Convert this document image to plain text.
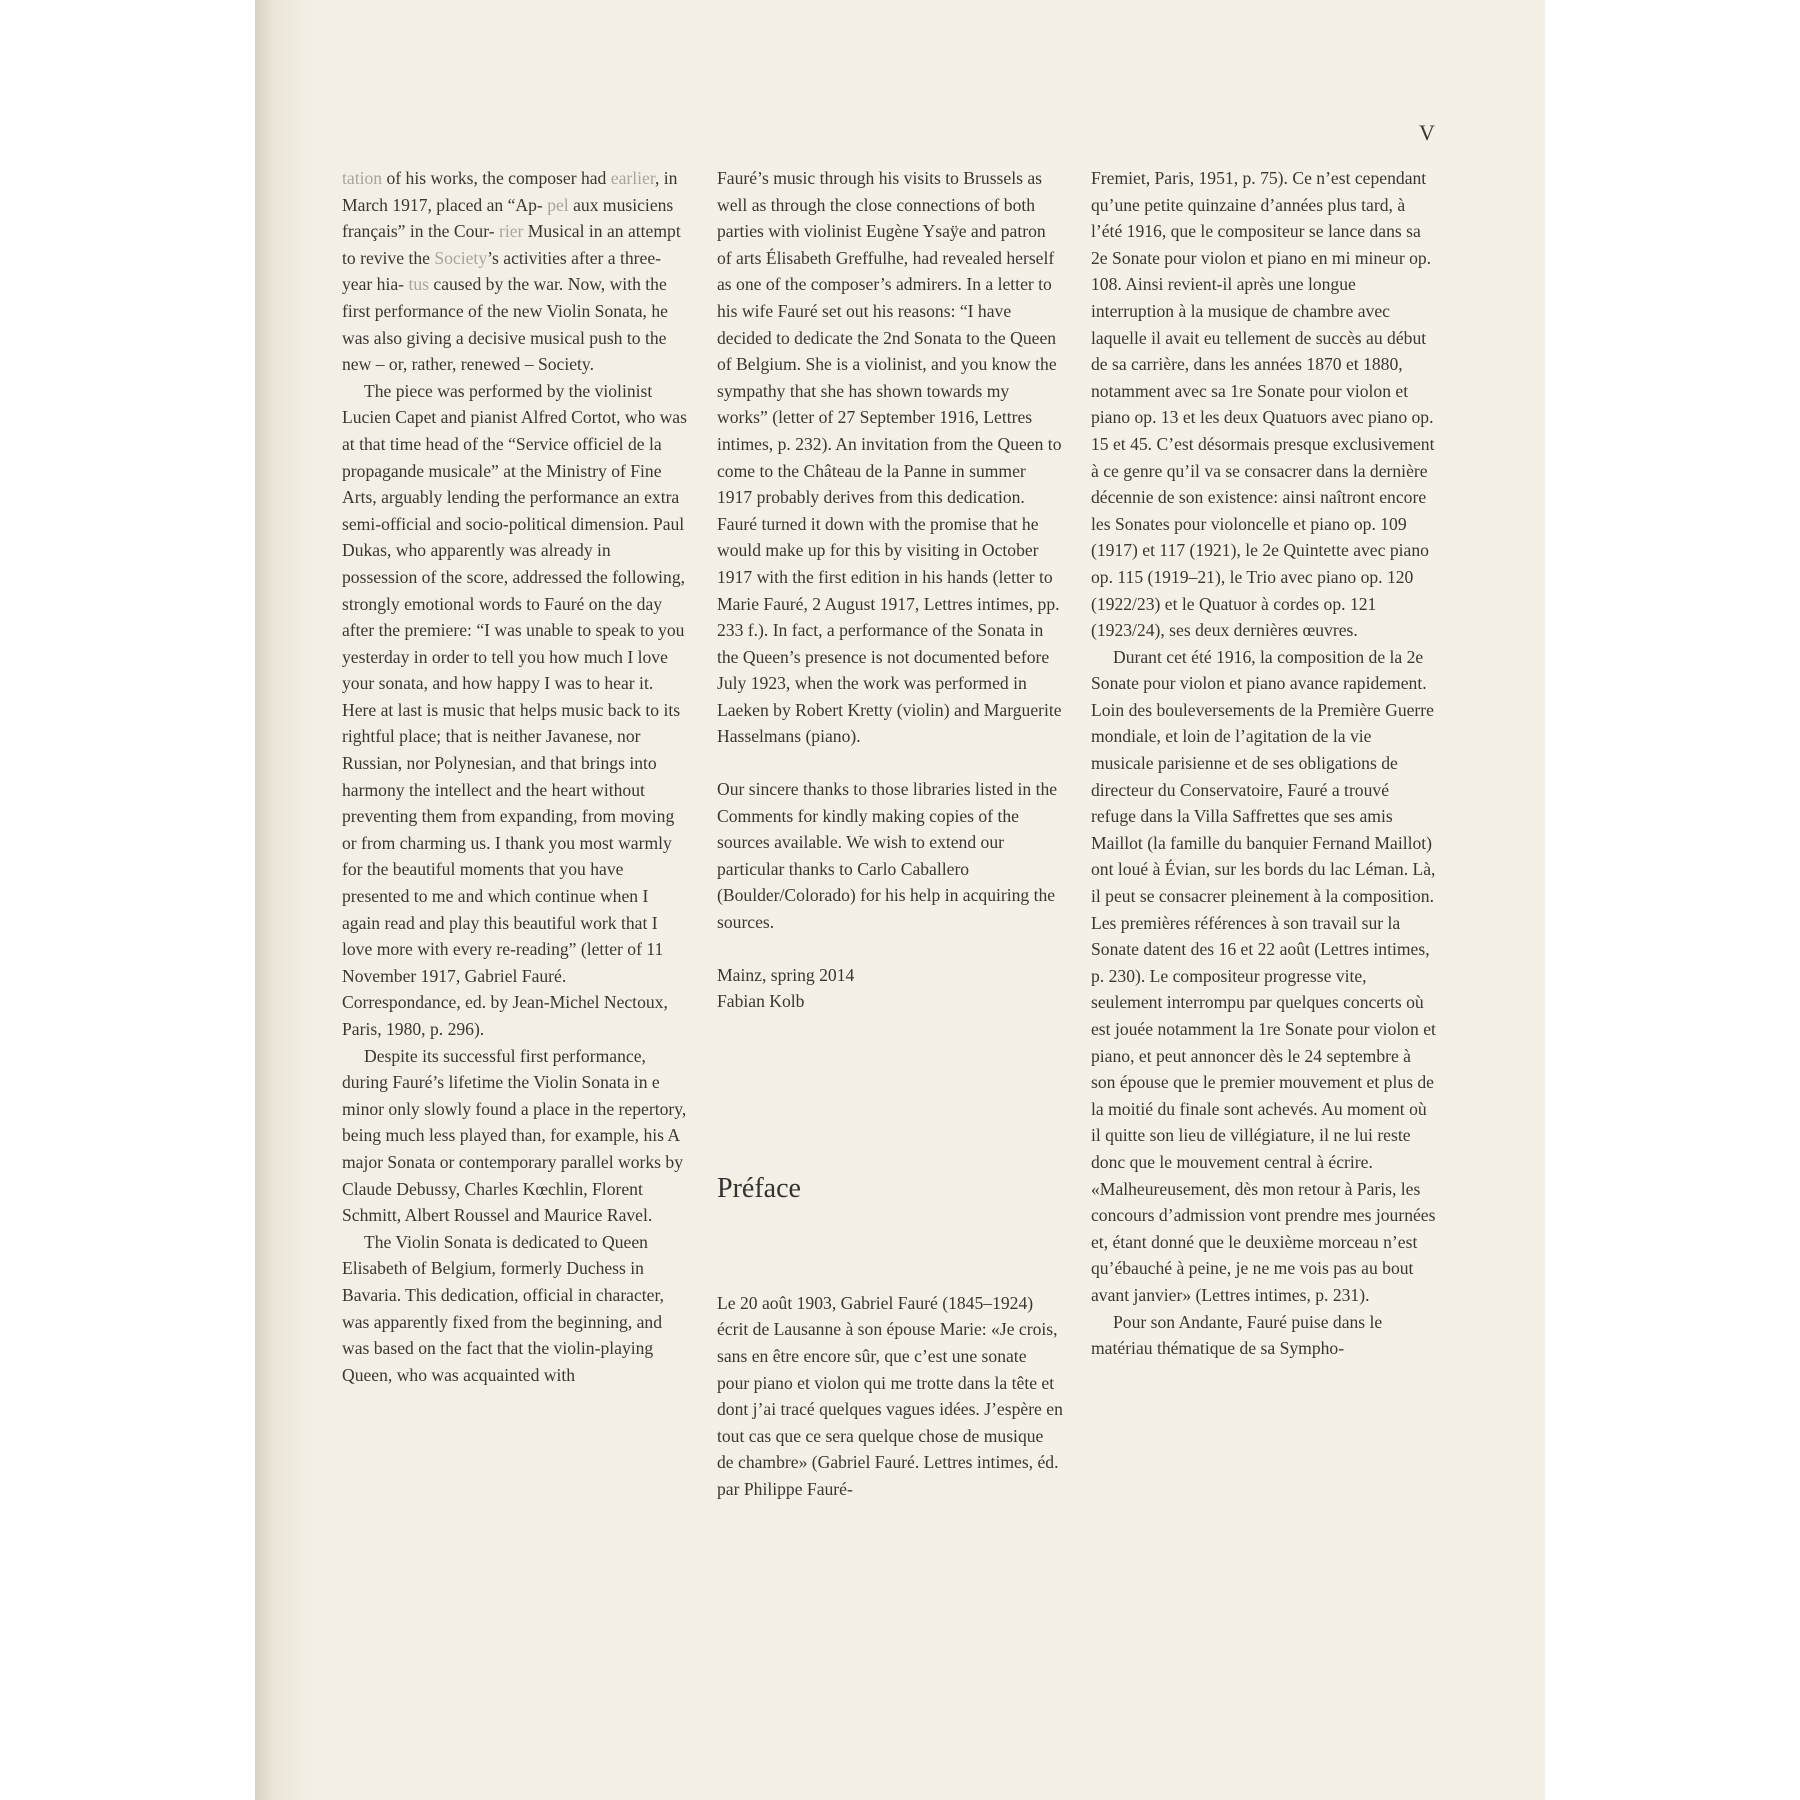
V

tation of his works, the composer had earlier, in March 1917, placed an “Ap- pel aux musiciens français” in the Cour- rier Musical in an attempt to revive the Society’s activities after a three-year hia- tus caused by the war. Now, with the first performance of the new Violin Sonata, he was also giving a decisive musical push to the new – or, rather, renewed – Society.

The piece was performed by the violinist Lucien Capet and pianist Alfred Cortot, who was at that time head of the “Service officiel de la propagande musicale” at the Ministry of Fine Arts, arguably lending the performance an extra semi-official and socio-political dimension. Paul Dukas, who apparently was already in possession of the score, addressed the following, strongly emotional words to Fauré on the day after the premiere: “I was unable to speak to you yesterday in order to tell you how much I love your sonata, and how happy I was to hear it. Here at last is music that helps music back to its rightful place; that is neither Javanese, nor Russian, nor Polynesian, and that brings into harmony the intellect and the heart without preventing them from expanding, from moving or from charming us. I thank you most warmly for the beautiful moments that you have presented to me and which continue when I again read and play this beautiful work that I love more with every re-reading” (letter of 11 November 1917, Gabriel Fauré. Correspondance, ed. by Jean-Michel Nectoux, Paris, 1980, p. 296).

Despite its successful first performance, during Fauré’s lifetime the Violin Sonata in e minor only slowly found a place in the repertory, being much less played than, for example, his A major Sonata or contemporary parallel works by Claude Debussy, Charles Kœchlin, Florent Schmitt, Albert Roussel and Maurice Ravel.

The Violin Sonata is dedicated to Queen Elisabeth of Belgium, formerly Duchess in Bavaria. This dedication, official in character, was apparently fixed from the beginning, and was based on the fact that the violin-playing Queen, who was acquainted with

Fauré’s music through his visits to Brussels as well as through the close connections of both parties with violinist Eugène Ysaÿe and patron of arts Élisabeth Greffulhe, had revealed herself as one of the composer’s admirers. In a letter to his wife Fauré set out his reasons: “I have decided to dedicate the 2nd Sonata to the Queen of Belgium. She is a violinist, and you know the sympathy that she has shown towards my works” (letter of 27 September 1916, Lettres intimes, p. 232). An invitation from the Queen to come to the Château de la Panne in summer 1917 probably derives from this dedication. Fauré turned it down with the promise that he would make up for this by visiting in October 1917 with the first edition in his hands (letter to Marie Fauré, 2 August 1917, Lettres intimes, pp. 233 f.). In fact, a performance of the Sonata in the Queen’s presence is not documented before July 1923, when the work was performed in Laeken by Robert Kretty (violin) and Marguerite Hasselmans (piano).

Our sincere thanks to those libraries listed in the Comments for kindly making copies of the sources available. We wish to extend our particular thanks to Carlo Caballero (Boulder/Colorado) for his help in acquiring the sources.

Mainz, spring 2014

Fabian Kolb

Préface

Le 20 août 1903, Gabriel Fauré (1845–1924) écrit de Lausanne à son épouse Marie: «Je crois, sans en être encore sûr, que c’est une sonate pour piano et violon qui me trotte dans la tête et dont j’ai tracé quelques vagues idées. J’espère en tout cas que ce sera quelque chose de musique de chambre» (Gabriel Fauré. Lettres intimes, éd. par Philippe Fauré-

Fremiet, Paris, 1951, p. 75). Ce n’est cependant qu’une petite quinzaine d’années plus tard, à l’été 1916, que le compositeur se lance dans sa 2e Sonate pour violon et piano en mi mineur op. 108. Ainsi revient-il après une longue interruption à la musique de chambre avec laquelle il avait eu tellement de succès au début de sa carrière, dans les années 1870 et 1880, notamment avec sa 1re Sonate pour violon et piano op. 13 et les deux Quatuors avec piano op. 15 et 45. C’est désormais presque exclusivement à ce genre qu’il va se consacrer dans la dernière décennie de son existence: ainsi naîtront encore les Sonates pour violoncelle et piano op. 109 (1917) et 117 (1921), le 2e Quintette avec piano op. 115 (1919–21), le Trio avec piano op. 120 (1922/23) et le Quatuor à cordes op. 121 (1923/24), ses deux dernières œuvres.

Durant cet été 1916, la composition de la 2e Sonate pour violon et piano avance rapidement. Loin des bouleversements de la Première Guerre mondiale, et loin de l’agitation de la vie musicale parisienne et de ses obligations de directeur du Conservatoire, Fauré a trouvé refuge dans la Villa Saffrettes que ses amis Maillot (la famille du banquier Fernand Maillot) ont loué à Évian, sur les bords du lac Léman. Là, il peut se consacrer pleinement à la composition. Les premières références à son travail sur la Sonate datent des 16 et 22 août (Lettres intimes, p. 230). Le compositeur progresse vite, seulement interrompu par quelques concerts où est jouée notamment la 1re Sonate pour violon et piano, et peut annoncer dès le 24 septembre à son épouse que le premier mouvement et plus de la moitié du finale sont achevés. Au moment où il quitte son lieu de villégiature, il ne lui reste donc que le mouvement central à écrire. «Malheureusement, dès mon retour à Paris, les concours d’admission vont prendre mes journées et, étant donné que le deuxième morceau n’est qu’ébauché à peine, je ne me vois pas au bout avant janvier» (Lettres intimes, p. 231).

Pour son Andante, Fauré puise dans le matériau thématique de sa Sympho-
